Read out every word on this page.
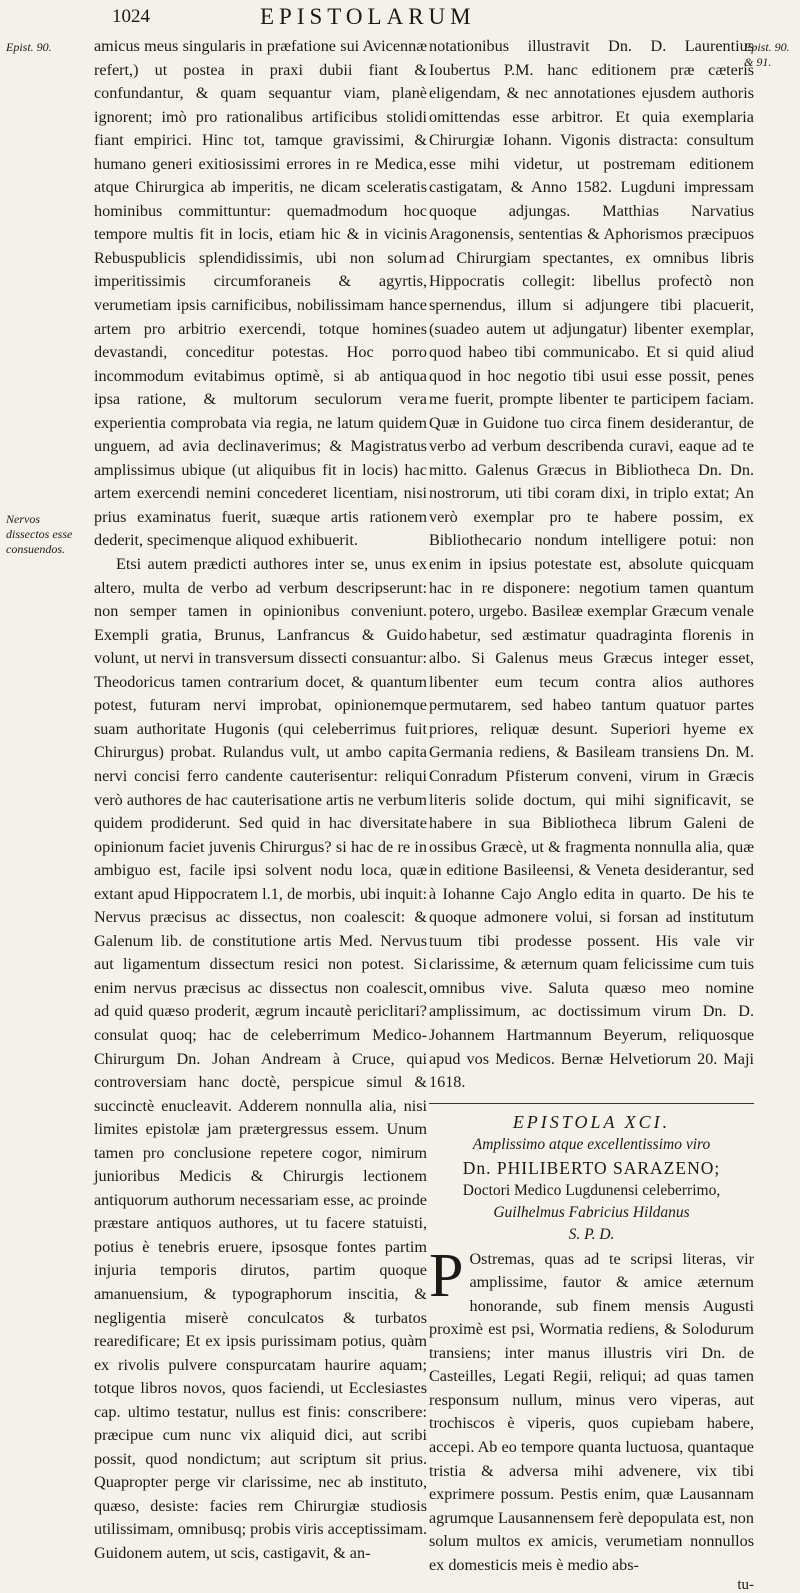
1024	EPISTOLARUM
Epist. 90.	Epist. 90. & 91.
Nervos dissectos esse consuendos.

amicus meus singularis in præfatione sui Avicennæ refert,) ut postea in praxi dubii fiant & confundantur, & quam sequantur viam, planè ignorent; imò pro rationalibus artificibus stolidi fiant empirici. Hinc tot, tamque gravissimi, & humano generi exitiosissimi errores in re Medica, atque Chirurgica ab imperitis, ne dicam sceleratis hominibus committuntur: quemadmodum hoc tempore multis fit in locis, etiam hic & in vicinis Rebuspublicis splendidissimis, ubi non solum imperitissimis circumforaneis & agyrtis, verumetiam ipsis carnificibus, nobilissimam hance artem pro arbitrio exercendi, totque homines devastandi, conceditur potestas. Hoc porro incommodum evitabimus optimè, si ab antiqua ipsa ratione, & multorum seculorum vera experientia comprobata via regia, ne latum quidem unguem, ad avia declinaverimus; & Magistratus amplissimus ubique (ut aliquibus fit in locis) hac artem exercendi nemini concederet licentiam, nisi prius examinatus fuerit, suæque artis rationem dederit, specimenque aliquod exhibuerit.

Etsi autem prædicti authores inter se, unus ex altero, multa de verbo ad verbum descripserunt: non semper tamen in opinionibus conveniunt. Exempli gratia, Brunus, Lanfrancus & Guido volunt, ut nervi in transversum dissecti consuantur: Theodoricus tamen contrarium docet, & quantum potest, futuram nervi improbat, opinionemque suam authoritate Hugonis (qui celeberrimus fuit Chirurgus) probat. Rulandus vult, ut ambo capita nervi concisi ferro candente cauterisentur: reliqui verò authores de hac cauterisatione artis ne verbum quidem prodiderunt. Sed quid in hac diversitate opinionum faciet juvenis Chirurgus? si hac de re in ambiguo est, facile ipsi solvent nodu loca, quæ extant apud Hippocratem l.1, de morbis, ubi inquit: Nervus præcisus ac dissectus, non coalescit: & Galenum lib. de constitutione artis Med. Nervus aut ligamentum dissectum resici non potest. Si enim nervus præcisus ac dissectus non coalescit, ad quid quæso proderit, ægrum incautè periclitari? consulat quoq; hac de celeberrimum Medico-Chirurgum Dn. Johan Andream à Cruce, qui controversiam hanc doctè, perspicue simul & succinctè enucleavit. Adderem nonnulla alia, nisi limites epistolæ jam prætergressus essem. Unum tamen pro conclusione repetere cogor, nimirum junioribus Medicis & Chirurgis lectionem antiquorum authorum necessariam esse, ac proinde præstare antiquos authores, ut tu facere statuisti, potius è tenebris eruere, ipsosque fontes partim injuria temporis dirutos, partim quoque amanuensium, & typographorum inscitia, & negligentia miserè conculcatos & turbatos rearedificare; Et ex ipsis purissimam potius, quàm ex rivolis pulvere conspurcatam haurire aquam; totque libros novos, quos faciendi, ut Ecclesiastes cap. ultimo testatur, nullus est finis: conscribere: præcipue cum nunc vix aliquid dici, aut scribi possit, quod nondictum; aut scriptum sit prius. Quapropter perge vir clarissime, nec ab instituto, quæso, desiste: facies rem Chirurgiæ studiosis utilissimam, omnibusq; probis viris acceptissimam. Guidonem autem, ut scis, castigavit, & an-

notationibus illustravit Dn. D. Laurentius Ioubertus P.M. hanc editionem præ cæteris eligendam, & nec annotationes ejusdem authoris omittendas esse arbitror. Et quia exemplaria Chirurgiæ Iohann. Vigonis distracta: consultum esse mihi videtur, ut postremam editionem castigatam, & Anno 1582. Lugduni impressam quoque adjungas. Matthias Narvatius Aragonensis, sententias & Aphorismos præcipuos ad Chirurgiam spectantes, ex omnibus libris Hippocratis collegit: libellus profectò non spernendus, illum si adjungere tibi placuerit, (suadeo autem ut adjungatur) libenter exemplar, quod habeo tibi communicabo. Et si quid aliud quod in hoc negotio tibi usui esse possit, penes me fuerit, prompte libenter te participem faciam. Quæ in Guidone tuo circa finem desiderantur, de verbo ad verbum describenda curavi, eaque ad te mitto. Galenus Græcus in Bibliotheca Dn. Dn. nostrorum, uti tibi coram dixi, in triplo extat; An verò exemplar pro te habere possim, ex Bibliothecario nondum intelligere potui: non enim in ipsius potestate est, absolute quicquam hac in re disponere: negotium tamen quantum potero, urgebo. Basileæ exemplar Græcum venale habetur, sed æstimatur quadraginta florenis in albo. Si Galenus meus Græcus integer esset, libenter eum tecum contra alios authores permutarem, sed habeo tantum quatuor partes priores, reliquæ desunt. Superiori hyeme ex Germania rediens, & Basileam transiens Dn. M. Conradum Pfisterum conveni, virum in Græcis literis solide doctum, qui mihi significavit, se habere in sua Bibliotheca librum Galeni de ossibus Græcè, ut & fragmenta nonnulla alia, quæ in editione Basileensi, & Veneta desiderantur, sed à Iohanne Cajo Anglo edita in quarto. De his te quoque admonere volui, si forsan ad institutum tuum tibi prodesse possent. His vale vir clarissime, & æternum quam felicissime cum tuis omnibus vive. Saluta quæso meo nomine amplissimum, ac doctissimum virum Dn. D. Johannem Hartmannum Beyerum, reliquosque apud vos Medicos. Bernæ Helvetiorum 20. Maji 1618.

EPISTOLA XCI.
Amplissimo atque excellentissimo viro
Dn. PHILIBERTO SARAZENO;
Doctori Medico Lugdunensi celeberrimo,
Guilhelmus Fabricius Hildanus
S. P. D.

P Ostremas, quas ad te scripsi literas, vir amplissime, fautor & amice æternum honorande, sub finem mensis Augusti proximè est psi, Wormatia rediens, & Solodurum transiens; inter manus illustris viri Dn. de Casteilles, Legati Regii, reliqui; ad quas tamen responsum nullum, minus vero viperas, aut trochiscos è viperis, quos cupiebam habere, accepi. Ab eo tempore quanta luctuosa, quantaque tristia & adversa mihi advenere, vix tibi exprimere possum. Pestis enim, quæ Lausannam agrumque Lausannensem ferè depopulata est, non solum multos ex amicis, verumetiam nonnullos ex domesticis meis è medio abs-

tu-
